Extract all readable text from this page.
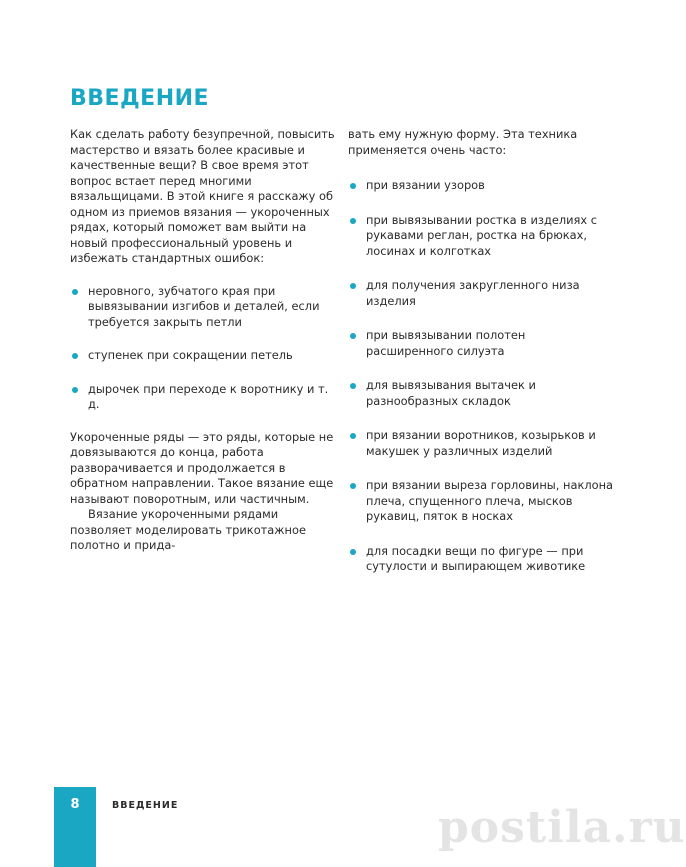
ВВЕДЕНИЕ

Как сделать работу безупречной, повысить мастерство и вязать более красивые и качественные вещи? В свое время этот вопрос встает перед многими вязальщицами. В этой книге я расскажу об одном из приемов вязания — укороченных рядах, который поможет вам выйти на новый профессиональный уровень и избежать стандартных ошибок:

неровного, зубчатого края при вывязывании изгибов и деталей, если требуется закрыть петли
ступенек при сокращении петель
дырочек при переходе к воротнику и т. д.

Укороченные ряды — это ряды, которые не довязываются до конца, работа разворачивается и продолжается в обратном направлении. Такое вязание еще называют поворотным, или частичным.

Вязание укороченными рядами позволяет моделировать трикотажное полотно и прида-

вать ему нужную форму. Эта техника применяется очень часто:

при вязании узоров
при вывязывании ростка в изделиях с рукавами реглан, ростка на брюках, лосинах и колготках
для получения закругленного низа изделия
при вывязывании полотен расширенного силуэта
для вывязывания вытачек и разнообразных складок
при вязании воротников, козырьков и макушек у различных изделий
при вязании выреза горловины, наклона плеча, спущенного плеча, мысков рукавиц, пяток в носках
для посадки вещи по фигуре — при сутулости и выпирающем животике
8	ВВЕДЕНИЕ	postila.ru
